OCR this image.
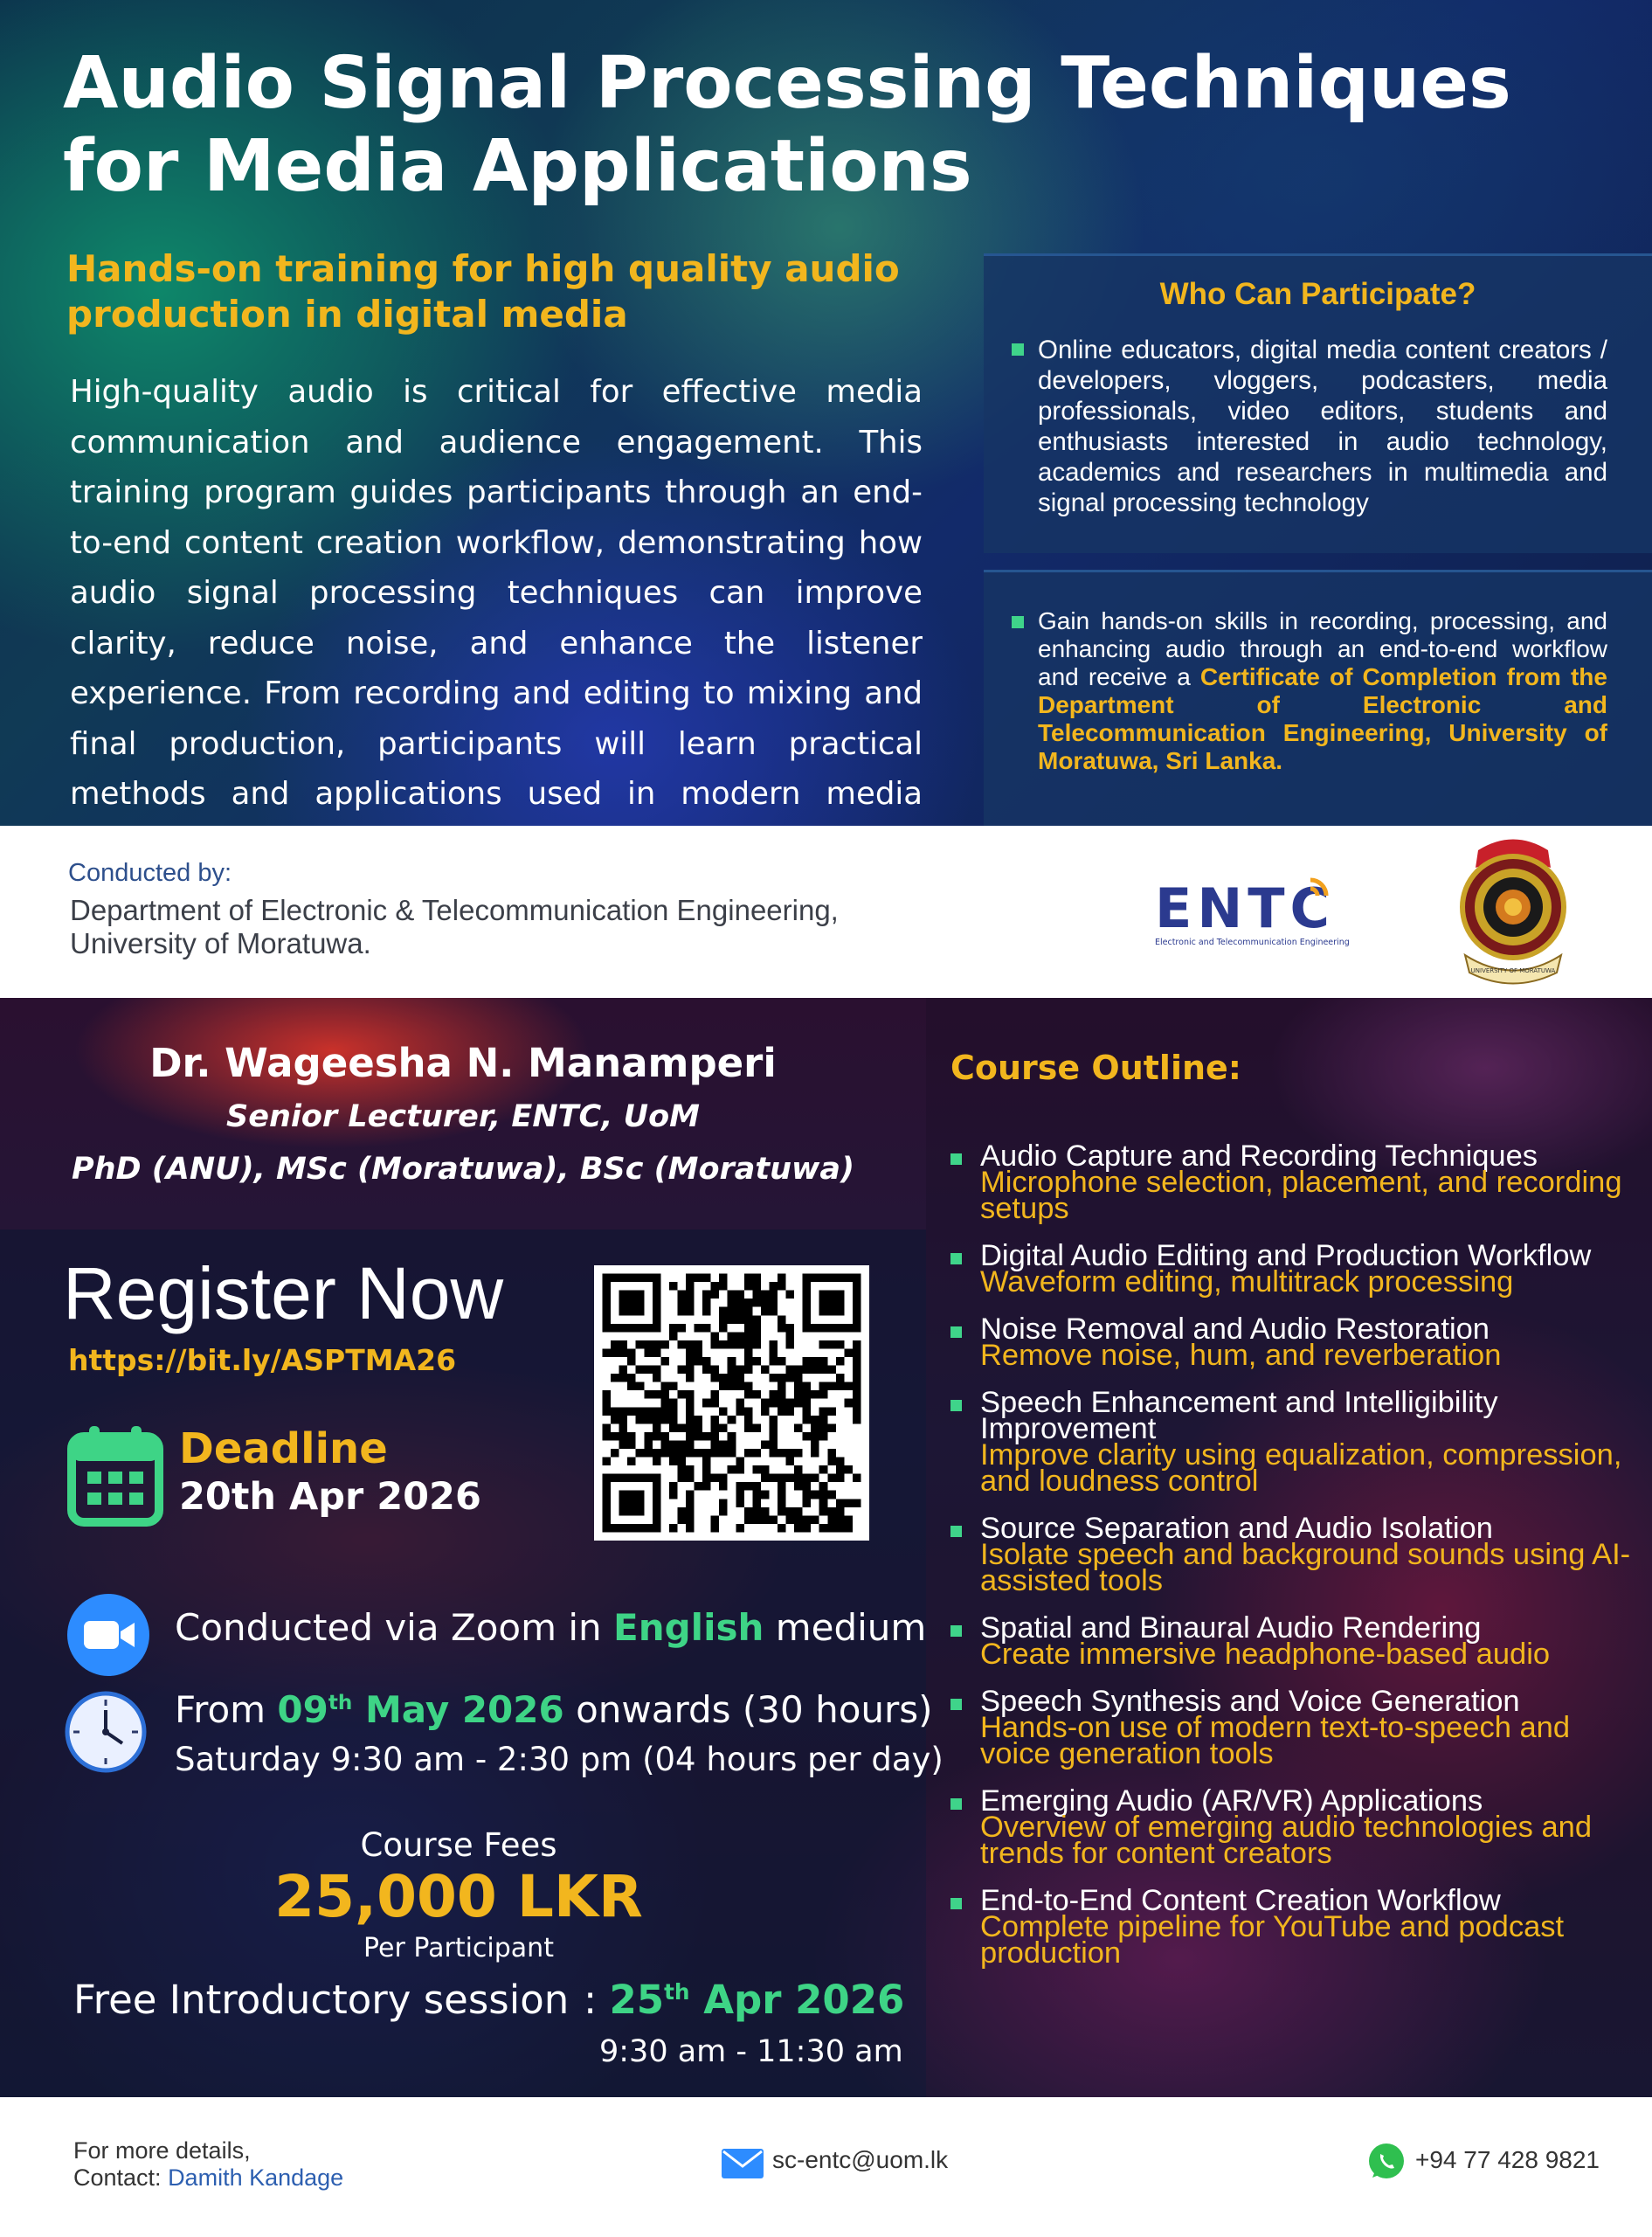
Audio Signal Processing Techniques for Media Applications
Hands-on training for high quality audio production in digital media
High-quality audio is critical for effective media communication and audience engagement. This training program guides participants through an end-to-end content creation workflow, demonstrating how audio signal processing techniques can improve clarity, reduce noise, and enhance the listener experience. From recording and editing to mixing and final production, participants will learn practical methods and applications used in modern media
Who Can Participate?
Online educators, digital media content creators / developers, vloggers, podcasters, media professionals, video editors, students and enthusiasts interested in audio technology, academics and researchers in multimedia and signal processing technology
Gain hands-on skills in recording, processing, and enhancing audio through an end-to-end workflow and receive a Certificate of Completion from the Department of Electronic and Telecommunication Engineering, University of Moratuwa, Sri Lanka.
Conducted by:
Department of Electronic & Telecommunication Engineering,
University of Moratuwa.
ENTC
Electronic and Telecommunication Engineering
UNIVERSITY OF MORATUWA
Dr. Wageesha N. Manamperi
Senior Lecturer, ENTC, UoM
PhD (ANU), MSc (Moratuwa), BSc (Moratuwa)
Register Now
https://bit.ly/ASPTMA26
Deadline
20th Apr 2026
Conducted via Zoom in English medium
From 09th May 2026 onwards (30 hours)
Saturday 9:30 am - 2:30 pm (04 hours per day)
Course Fees
25,000 LKR
Per Participant
Free Introductory session : 25th Apr 2026
9:30 am - 11:30 am
Course Outline:
Audio Capture and Recording Techniques
Microphone selection, placement, and recording setups
Digital Audio Editing and Production Workflow
Waveform editing, multitrack processing
Noise Removal and Audio Restoration
Remove noise, hum, and reverberation
Speech Enhancement and Intelligibility Improvement
Improve clarity using equalization, compression, and loudness control
Source Separation and Audio Isolation
Isolate speech and background sounds using AI-assisted tools
Spatial and Binaural Audio Rendering
Create immersive headphone-based audio
Speech Synthesis and Voice Generation
Hands-on use of modern text-to-speech and voice generation tools
Emerging Audio (AR/VR) Applications
Overview of emerging audio technologies and trends for content creators
End-to-End Content Creation Workflow
Complete pipeline for YouTube and podcast production
For more details,
Contact: Damith Kandage
sc-entc@uom.lk	+94 77 428 9821
